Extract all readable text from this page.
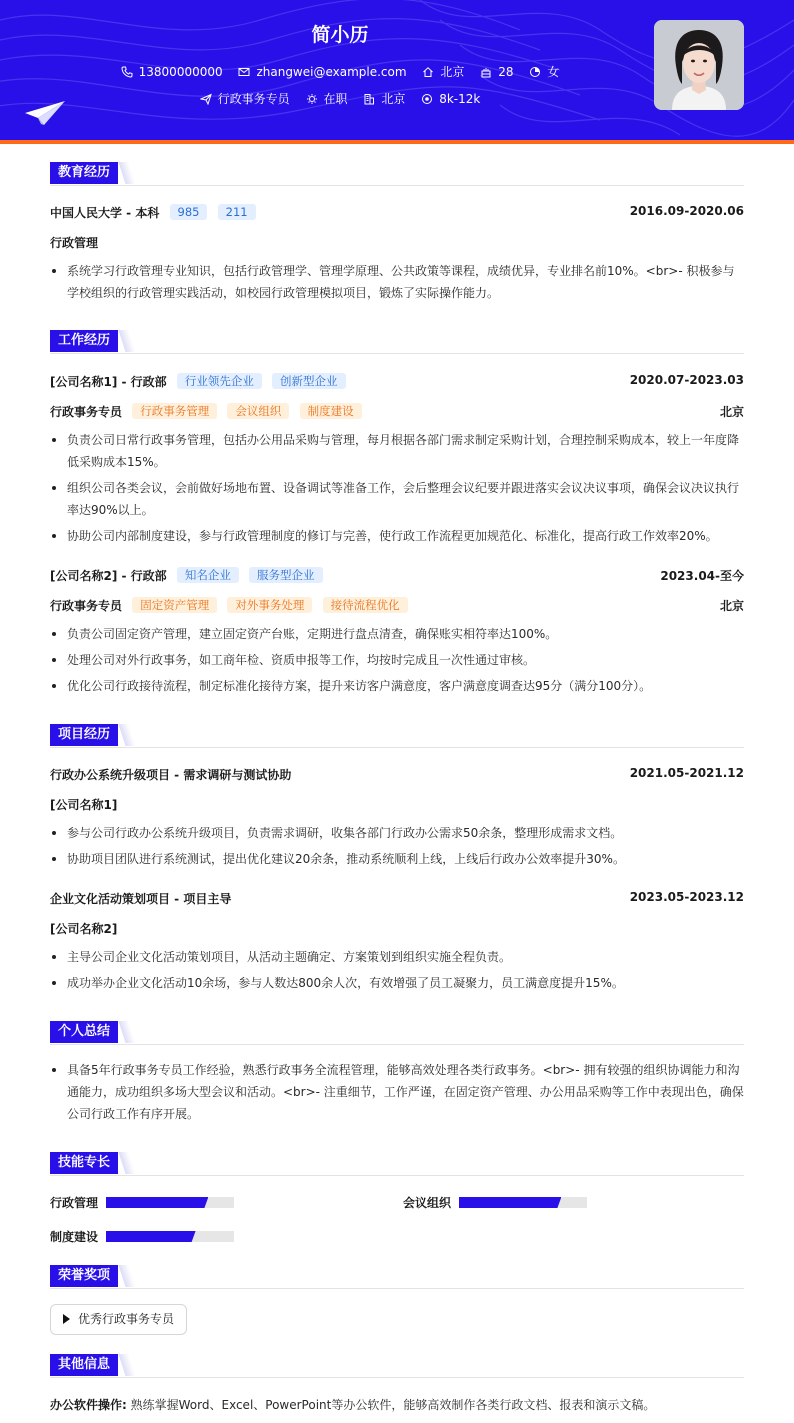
简小历
13800000000	zhangwei@example.com	北京	28	女
行政事务专员	在职	北京	8k-12k
教育经历
中国人民大学 - 本科 985 211	2016.09-2020.06
行政管理
系统学习行政管理专业知识，包括行政管理学、管理学原理、公共政策等课程，成绩优异，专业排名前10%。<br>- 积极参与学校组织的行政管理实践活动，如校园行政管理模拟项目，锻炼了实际操作能力。
工作经历
[公司名称1] - 行政部 行业领先企业 创新型企业	2020.07-2023.03
行政事务专员 行政事务管理 会议组织 制度建设	北京
负责公司日常行政事务管理，包括办公用品采购与管理，每月根据各部门需求制定采购计划，合理控制采购成本，较上一年度降低采购成本15%。
组织公司各类会议，会前做好场地布置、设备调试等准备工作，会后整理会议纪要并跟进落实会议决议事项，确保会议决议执行率达90%以上。
协助公司内部制度建设，参与行政管理制度的修订与完善，使行政工作流程更加规范化、标准化，提高行政工作效率20%。
[公司名称2] - 行政部 知名企业 服务型企业	2023.04-至今
行政事务专员 固定资产管理 对外事务处理 接待流程优化	北京
负责公司固定资产管理，建立固定资产台账，定期进行盘点清查，确保账实相符率达100%。
处理公司对外行政事务，如工商年检、资质申报等工作，均按时完成且一次性通过审核。
优化公司行政接待流程，制定标准化接待方案，提升来访客户满意度，客户满意度调查达95分（满分100分）。
项目经历
行政办公系统升级项目 - 需求调研与测试协助	2021.05-2021.12
[公司名称1]
参与公司行政办公系统升级项目，负责需求调研，收集各部门行政办公需求50余条，整理形成需求文档。
协助项目团队进行系统测试，提出优化建议20余条，推动系统顺利上线，上线后行政办公效率提升30%。
企业文化活动策划项目 - 项目主导	2023.05-2023.12
[公司名称2]
主导公司企业文化活动策划项目，从活动主题确定、方案策划到组织实施全程负责。
成功举办企业文化活动10余场，参与人数达800余人次，有效增强了员工凝聚力，员工满意度提升15%。
个人总结
具备5年行政事务专员工作经验，熟悉行政事务全流程管理，能够高效处理各类行政事务。<br>- 拥有较强的组织协调能力和沟通能力，成功组织多场大型会议和活动。<br>- 注重细节，工作严谨，在固定资产管理、办公用品采购等工作中表现出色，确保公司行政工作有序开展。
技能专长
行政管理	会议组织
制度建设
荣誉奖项
优秀行政事务专员
其他信息
办公软件操作: 熟练掌握Word、Excel、PowerPoint等办公软件，能够高效制作各类行政文档、报表和演示文稿。
